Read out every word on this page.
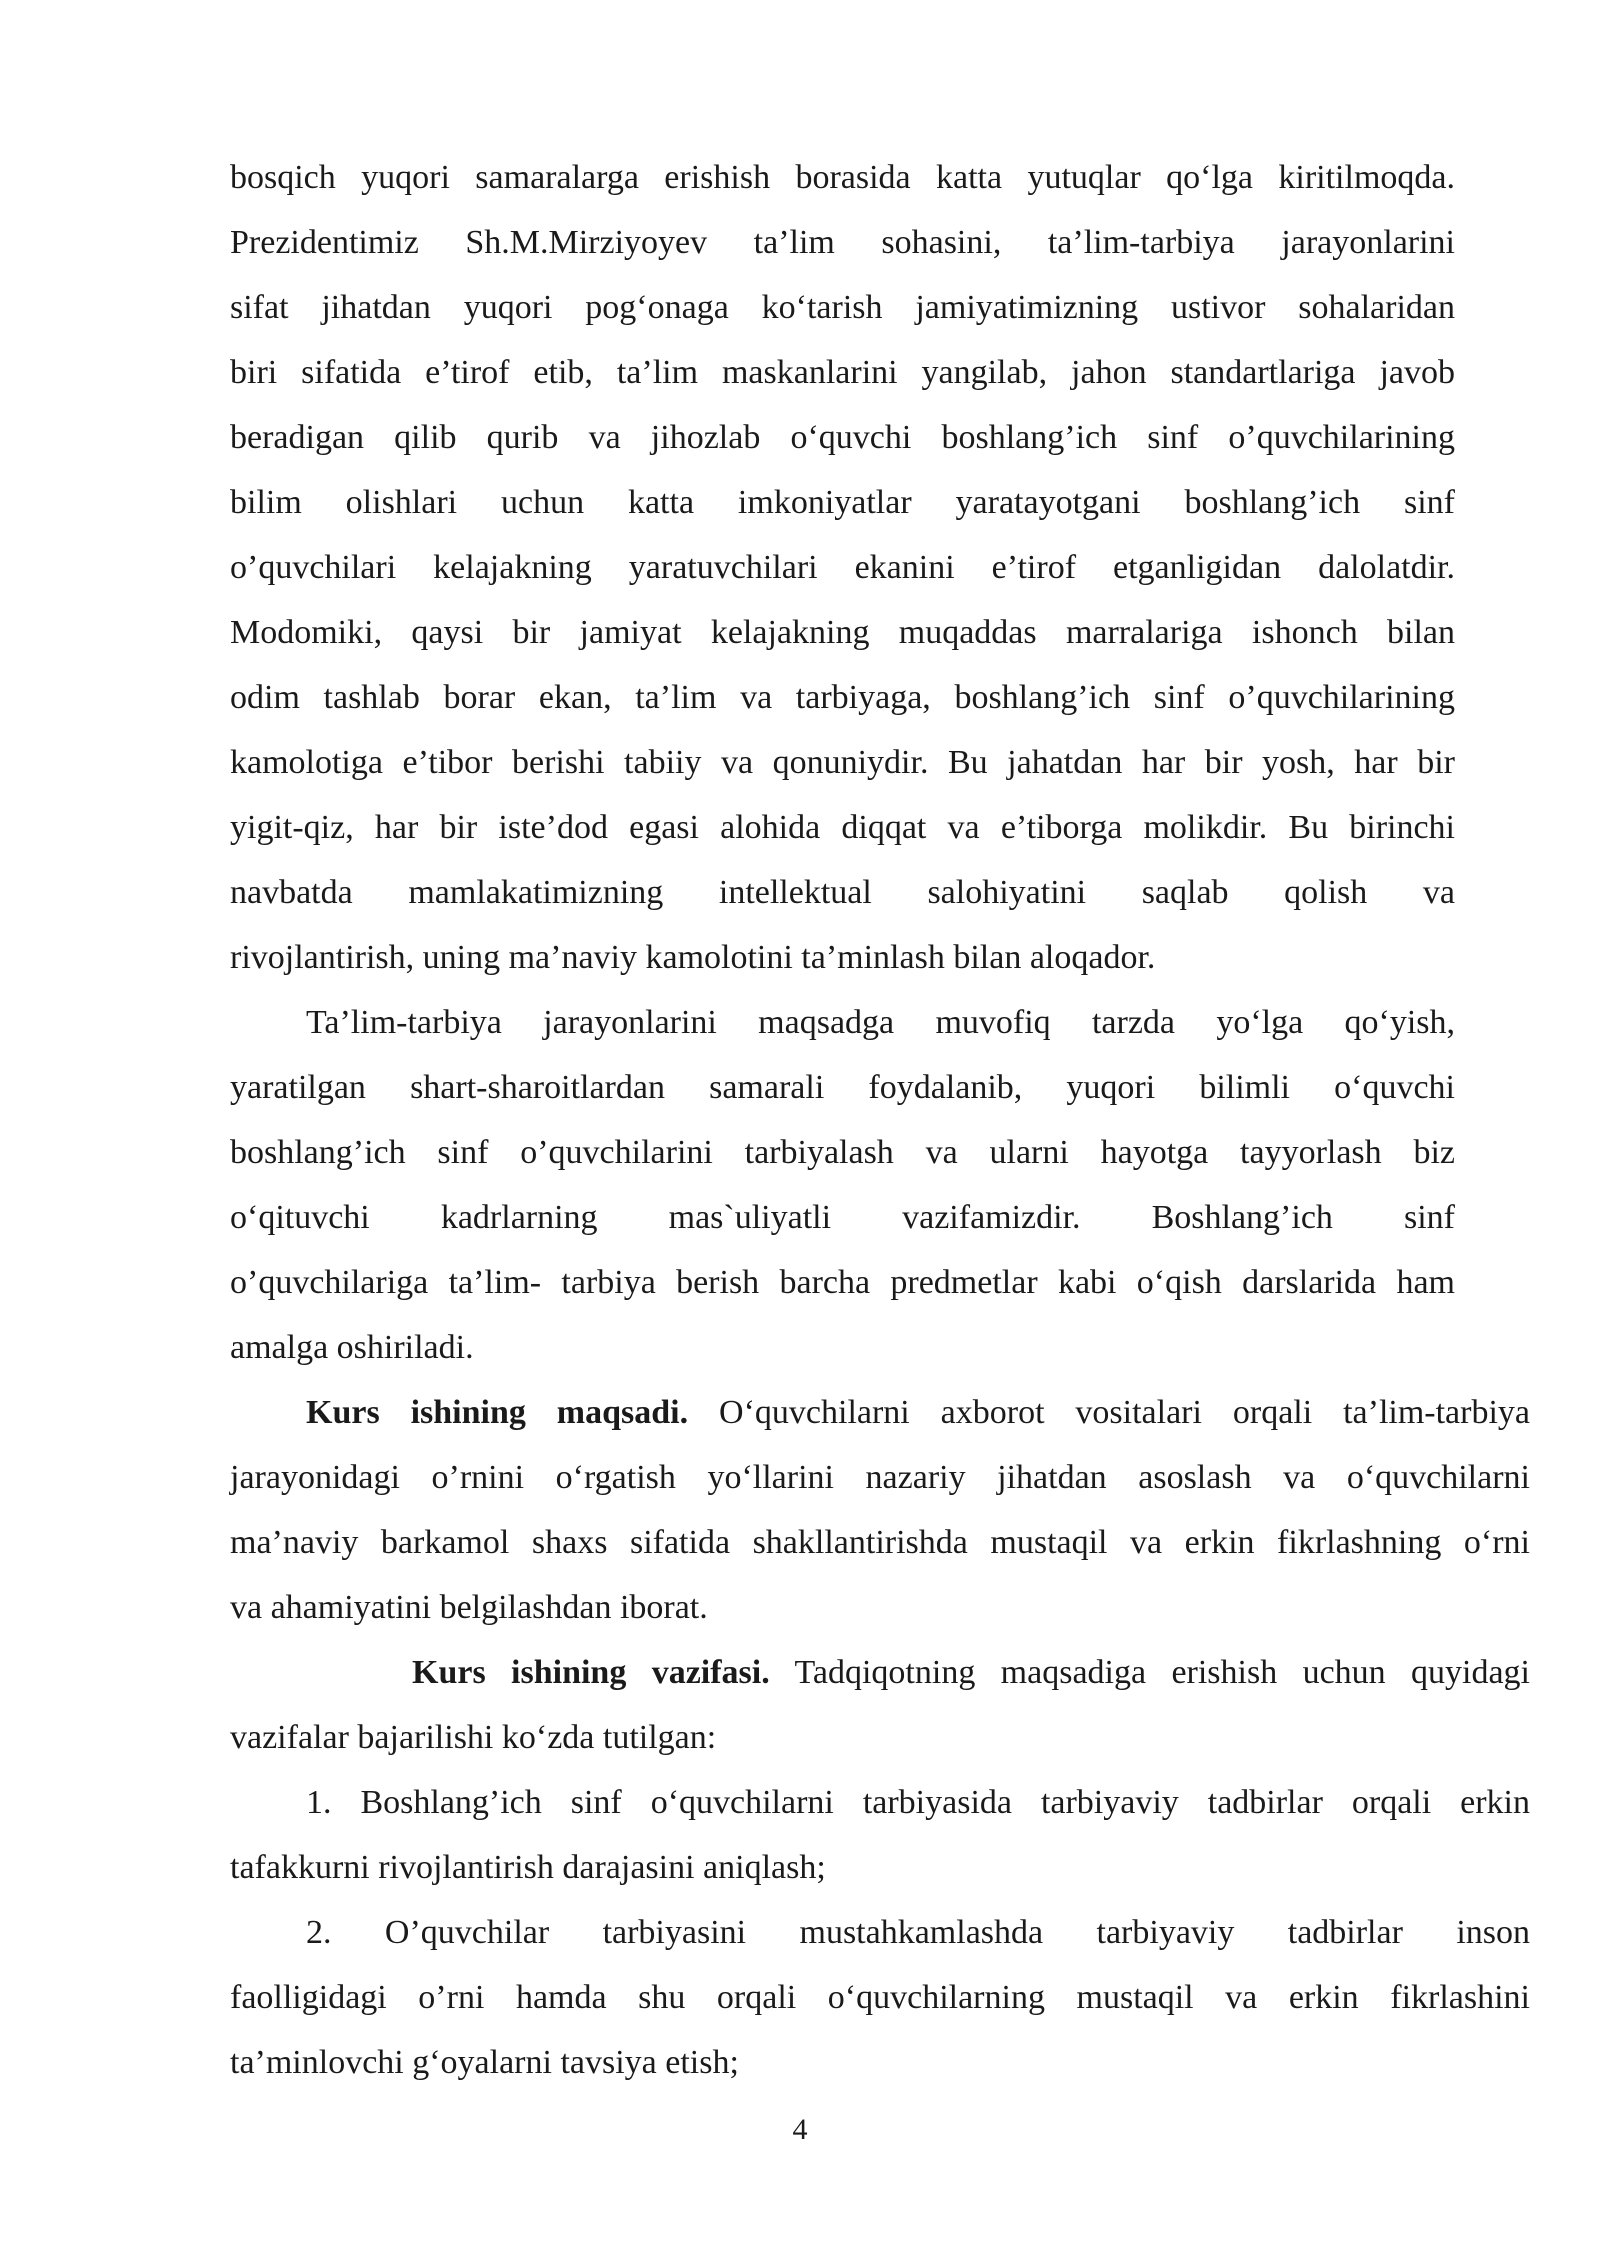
bosqich yuqori samaralarga erishish borasida katta yutuqlar qo‘lga kiritilmoqda.
Prezidentimiz Sh.M.Mirziyoyev ta’lim sohasini, ta’lim-tarbiya jarayonlarini
sifat jihatdan yuqori pog‘onaga ko‘tarish jamiyatimizning ustivor sohalaridan
biri sifatida e’tirof etib, ta’lim maskanlarini yangilab, jahon standartlariga javob
beradigan qilib qurib va jihozlab o‘quvchi boshlang’ich sinf o’quvchilarining
bilim olishlari uchun katta imkoniyatlar yaratayotgani boshlang’ich sinf
o’quvchilari kelajakning yaratuvchilari ekanini e’tirof etganligidan dalolatdir.
Modomiki, qaysi bir jamiyat kelajakning muqaddas marralariga ishonch bilan
odim tashlab borar ekan, ta’lim va tarbiyaga, boshlang’ich sinf o’quvchilarining
kamolotiga e’tibor berishi tabiiy va qonuniydir. Bu jahatdan har bir yosh, har bir
yigit-qiz, har bir iste’dod egasi alohida diqqat va e’tiborga molikdir. Bu birinchi
navbatda mamlakatimizning intellektual salohiyatini saqlab qolish va
rivojlantirish, uning ma’naviy kamolotini ta’minlash bilan aloqador.
Ta’lim-tarbiya jarayonlarini maqsadga muvofiq tarzda yo‘lga qo‘yish,
yaratilgan shart-sharoitlardan samarali foydalanib, yuqori bilimli o‘quvchi
boshlang’ich sinf o’quvchilarini tarbiyalash va ularni hayotga tayyorlash biz
o‘qituvchi kadrlarning mas`uliyatli vazifamizdir. Boshlang’ich sinf
o’quvchilariga ta’lim- tarbiya berish barcha predmetlar kabi o‘qish darslarida ham
amalga oshiriladi.
Kurs ishining maqsadi. O‘quvchilarni axborot vositalari orqali ta’lim-tarbiya
jarayonidagi o’rnini o‘rgatish yo‘llarini nazariy jihatdan asoslash va o‘quvchilarni
ma’naviy barkamol shaxs sifatida shakllantirishda mustaqil va erkin fikrlashning o‘rni
va ahamiyatini belgilashdan iborat.
Kurs ishining vazifasi. Tadqiqotning maqsadiga erishish uchun quyidagi
vazifalar bajarilishi ko‘zda tutilgan:
1. Boshlang’ich sinf o‘quvchilarni tarbiyasida tarbiyaviy tadbirlar orqali erkin
tafakkurni rivojlantirish darajasini aniqlash;
2. O’quvchilar tarbiyasini mustahkamlashda tarbiyaviy tadbirlar inson
faolligidagi o’rni hamda shu orqali o‘quvchilarning mustaqil va erkin fikrlashini
ta’minlovchi g‘oyalarni tavsiya etish;
4
